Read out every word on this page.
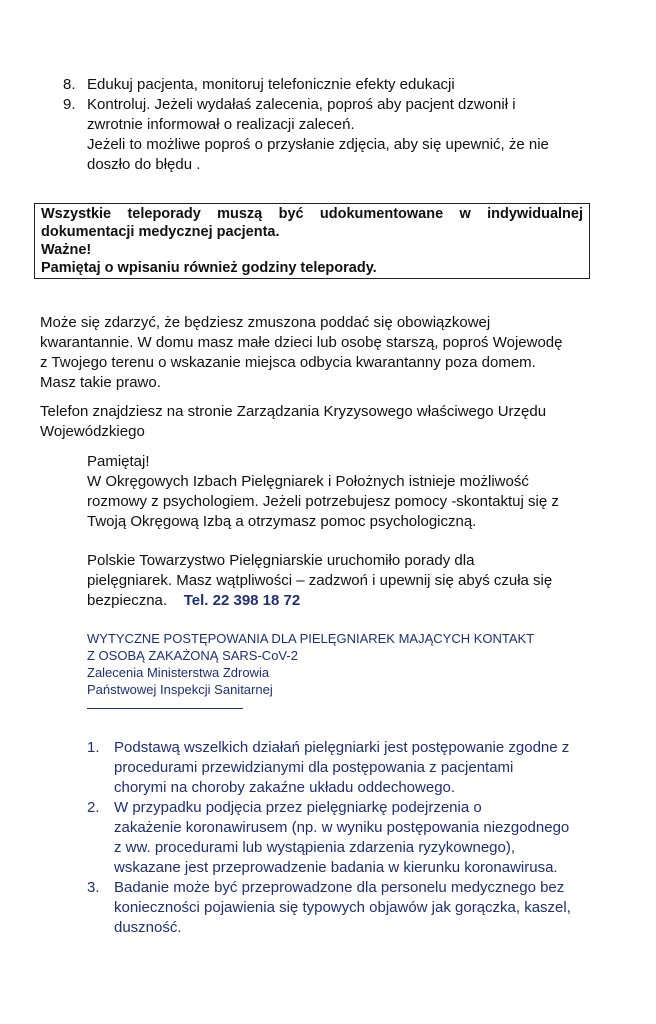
8. Edukuj pacjenta, monitoruj telefonicznie efekty edukacji
9. Kontroluj. Jeżeli wydałaś zalecenia, poproś aby pacjent dzwonił i
zwrotnie informował o realizacji zaleceń.
Jeżeli to możliwe poproś o przysłanie zdjęcia, aby się upewnić, że nie
doszło do błędu .

Wszystkie teleporady muszą być udokumentowane w indywidualnej

dokumentacji medycznej pacjenta.

Ważne!

Pamiętaj o wpisaniu również godziny teleporady.

Może się zdarzyć, że będziesz zmuszona poddać się obowiązkowej
kwarantannie. W domu masz małe dzieci lub osobę starszą, poproś Wojewodę
z Twojego terenu o wskazanie miejsca odbycia kwarantanny poza domem.
Masz takie prawo.
Telefon znajdziesz na stronie Zarządzania Kryzysowego właściwego Urzędu
Wojewódzkiego
Pamiętaj!
W Okręgowych Izbach Pielęgniarek i Położnych istnieje możliwość
rozmowy z psychologiem. Jeżeli potrzebujesz pomocy -skontaktuj się z
Twoją Okręgową Izbą a otrzymasz pomoc psychologiczną.
Polskie Towarzystwo Pielęgniarskie uruchomiło porady dla
pielęgniarek. Masz wątpliwości – zadzwoń i upewnij się abyś czuła się
bezpieczna. Tel. 22 398 18 72
WYTYCZNE POSTĘPOWANIA DLA PIELĘGNIAREK MAJĄCYCH KONTAKT
Z OSOBĄ ZAKAŻONĄ SARS-CoV-2
Zalecenia Ministerstwa Zdrowia
Państwowej Inspekcji Sanitarnej
1. Podstawą wszelkich działań pielęgniarki jest postępowanie zgodne z
procedurami przewidzianymi dla postępowania z pacjentami
chorymi na choroby zakaźne układu oddechowego.
2. W przypadku podjęcia przez pielęgniarkę podejrzenia o
zakażenie koronawirusem (np. w wyniku postępowania niezgodnego
z ww. procedurami lub wystąpienia zdarzenia ryzykownego),
wskazane jest przeprowadzenie badania w kierunku koronawirusa.
3. Badanie może być przeprowadzone dla personelu medycznego bez
konieczności pojawienia się typowych objawów jak gorączka, kaszel,
duszność.
